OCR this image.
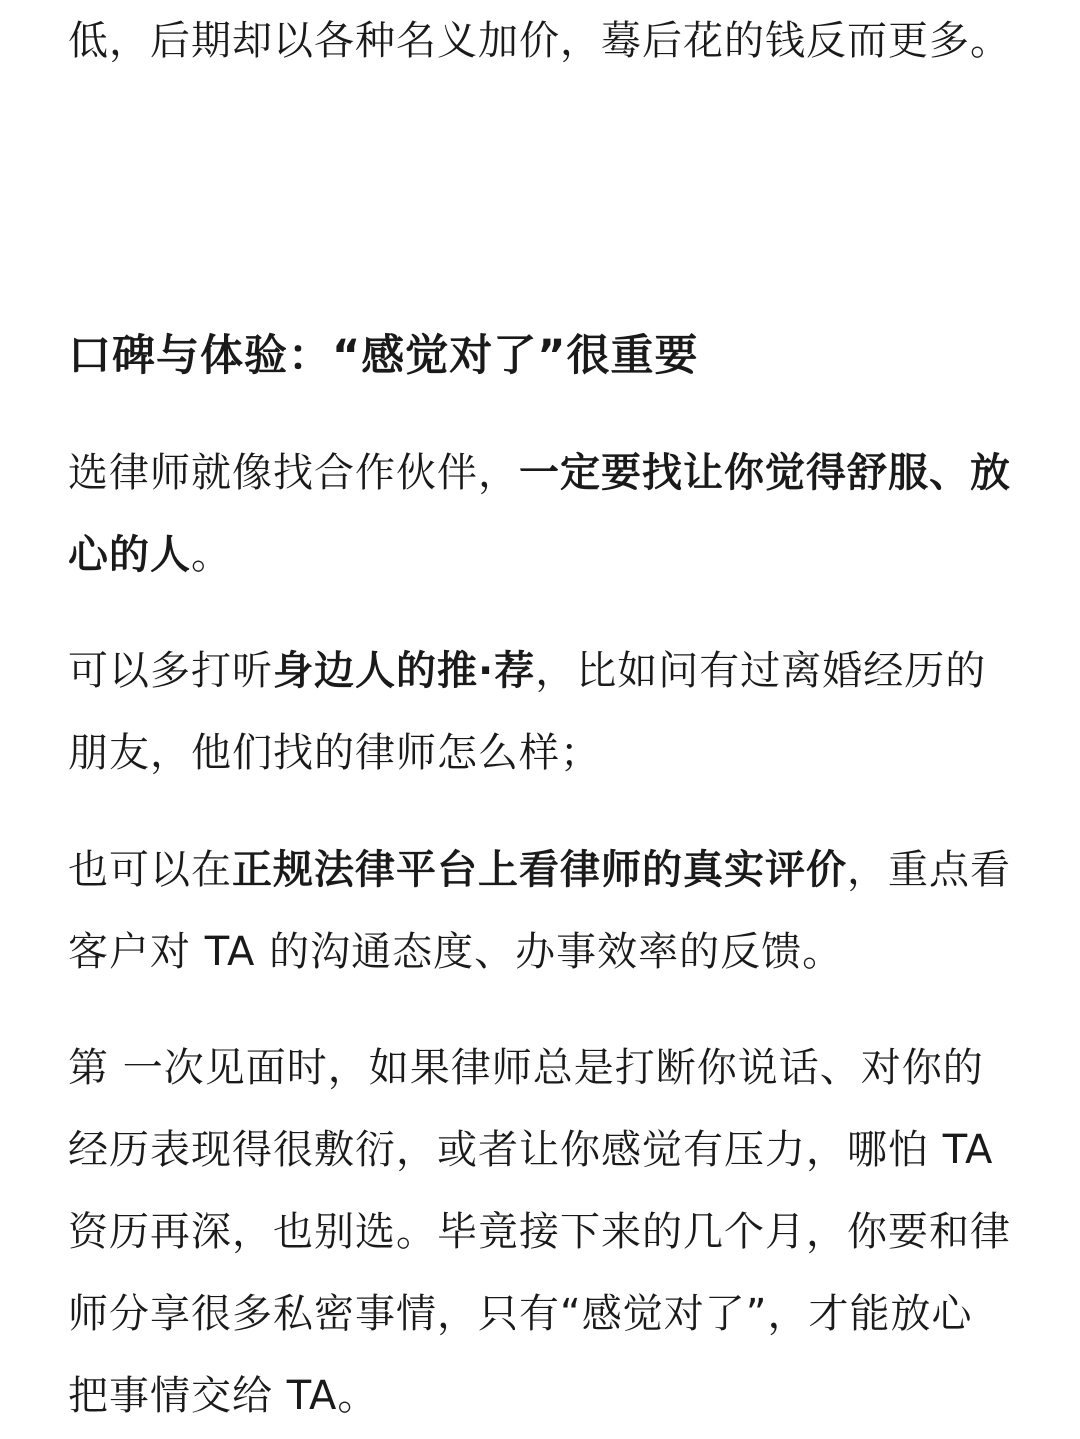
低，后期却以各种名义加价，蓦后花的钱反而更多。

口碑与体验：“感觉对了”很重要

选律师就像找合作伙伴，一定要找让你觉得舒服、放心的人。

可以多打听身边人的推·荐，比如问有过离婚经历的朋友，他们找的律师怎么样；

也可以在正规法律平台上看律师的真实评价，重点看客户对 TA 的沟通态度、办事效率的反馈。

第 一次见面时，如果律师总是打断你说话、对你的经历表现得很敷衍，或者让你感觉有压力，哪怕 TA 资历再深，也别选。毕竟接下来的几个月，你要和律师分享很多私密事情，只有“感觉对了”，才能放心把事情交给 TA。
